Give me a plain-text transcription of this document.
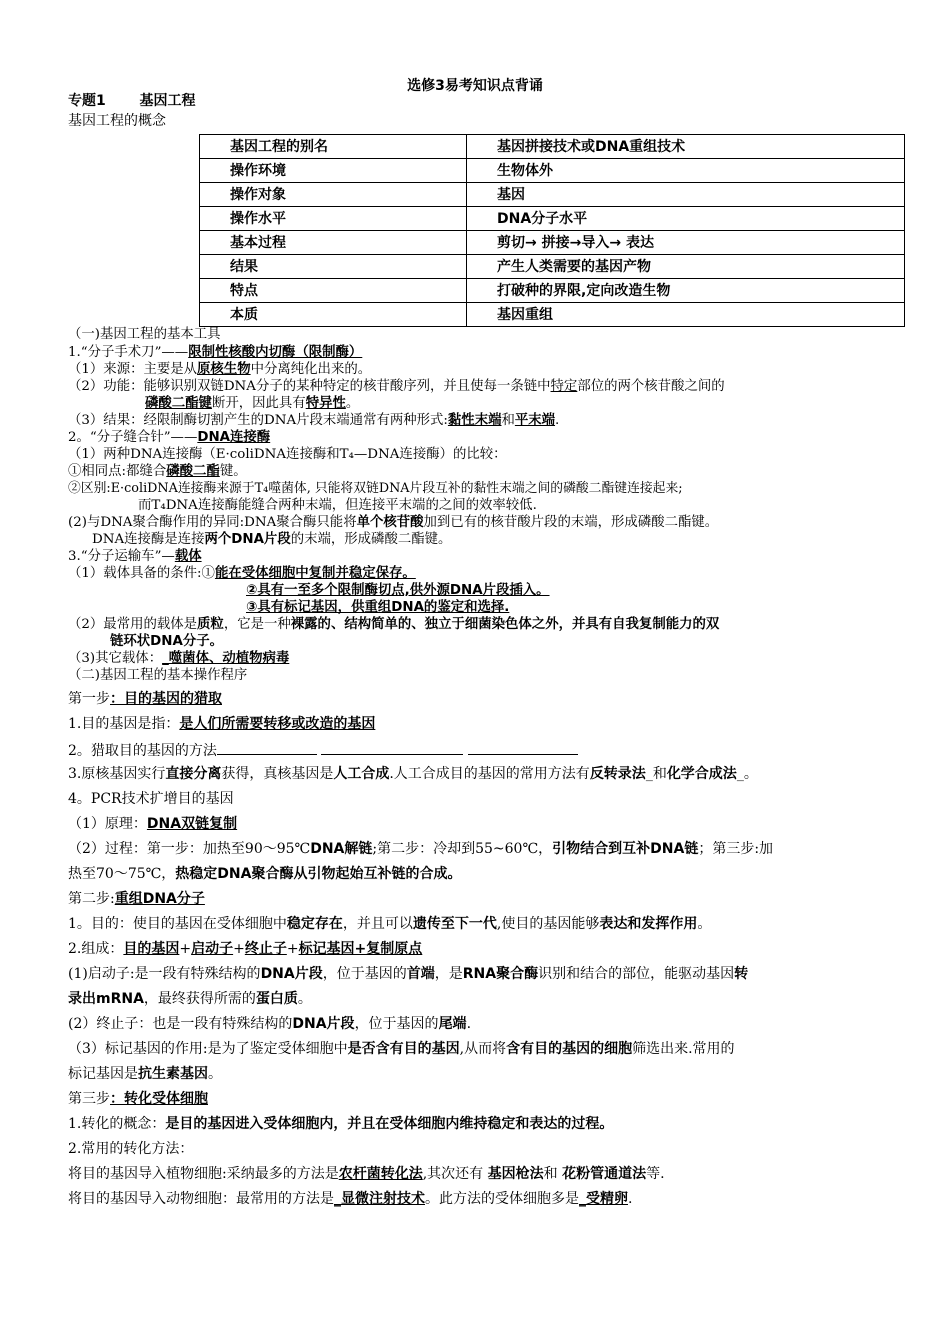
选修3易考知识点背诵
专题1 基因工程
基因工程的概念
基因工程的别名	基因拼接技术或DNA重组技术
操作环境	生物体外
操作对象	基因
操作水平	DNA分子水平
基本过程	剪切→ 拼接→导入→ 表达
结果	产生人类需要的基因产物
特点	打破种的界限,定向改造生物
本质	基因重组
（一)基因工程的基本工具
1.“分子手术刀”——限制性核酸内切酶（限制酶）
（1）来源：主要是从原核生物中分离纯化出来的。
（2）功能：能够识别双链DNA分子的某种特定的核苷酸序列，并且使每一条链中特定部位的两个核苷酸之间的
磷酸二酯键断开，因此具有特异性。
（3）结果：经限制酶切割产生的DNA片段末端通常有两种形式:黏性末端和平末端.
2。“分子缝合针”——DNA连接酶
（1）两种DNA连接酶（E·coliDNA连接酶和T₄—DNA连接酶）的比较：
①相同点:都缝合磷酸二酯键。
②区别:E·coliDNA连接酶来源于T₄噬菌体, 只能将双链DNA片段互补的黏性末端之间的磷酸二酯键连接起来;
而T₄DNA连接酶能缝合两种末端，但连接平末端的之间的效率较低.
(2)与DNA聚合酶作用的异同:DNA聚合酶只能将单个核苷酸加到已有的核苷酸片段的末端，形成磷酸二酯键。
DNA连接酶是连接两个DNA片段的末端，形成磷酸二酯键。
3.“分子运输车”—载体
（1）载体具备的条件:①能在受体细胞中复制并稳定保存。
②具有一至多个限制酶切点,供外源DNA片段插入。
③具有标记基因，供重组DNA的鉴定和选择.
（2）最常用的载体是质粒，它是一种裸露的、结构简单的、独立于细菌染色体之外，并具有自我复制能力的双
链环状DNA分子。
（3)其它载体：_噬菌体、动植物病毒
（二)基因工程的基本操作程序
第一步：目的基因的猎取
1.目的基因是指：是人们所需要转移或改造的基因
2。猎取目的基因的方法
3.原核基因实行直接分离获得，真核基因是人工合成.人工合成目的基因的常用方法有反转录法_和化学合成法_。
4。PCR技术扩增目的基因
（1）原理：DNA双链复制
（2）过程：第一步：加热至90～95℃DNA解链;第二步：冷却到55~60℃，引物结合到互补DNA链；第三步:加
热至70～75℃，热稳定DNA聚合酶从引物起始互补链的合成。
第二步:重组DNA分子
1。目的：使目的基因在受体细胞中稳定存在，并且可以遗传至下一代,使目的基因能够表达和发挥作用。
2.组成：目的基因+启动子+终止子+标记基因+复制原点
(1)启动子:是一段有特殊结构的DNA片段，位于基因的首端，是RNA聚合酶识别和结合的部位，能驱动基因转
录出mRNA，最终获得所需的蛋白质。
(2）终止子：也是一段有特殊结构的DNA片段，位于基因的尾端.
（3）标记基因的作用:是为了鉴定受体细胞中是否含有目的基因,从而将含有目的基因的细胞筛选出来.常用的
标记基因是抗生素基因。
第三步：转化受体细胞
1.转化的概念：是目的基因进入受体细胞内，并且在受体细胞内维持稳定和表达的过程。
2.常用的转化方法：
将目的基因导入植物细胞:采纳最多的方法是农杆菌转化法,其次还有 基因枪法和 花粉管通道法等.
将目的基因导入动物细胞：最常用的方法是_显微注射技术。此方法的受体细胞多是_受精卵.
